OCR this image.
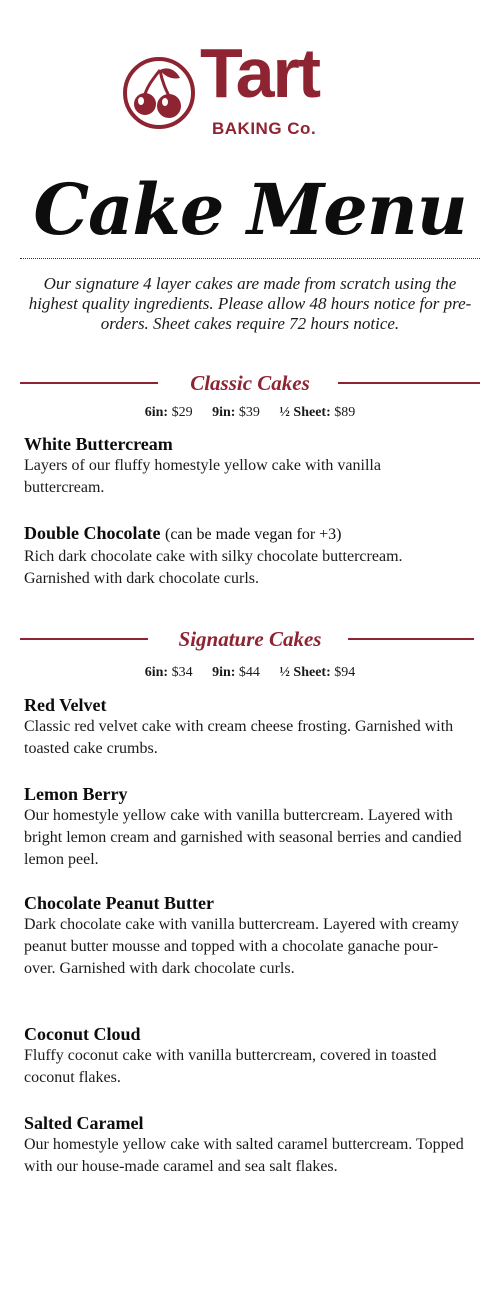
Tart
BAKING Co.
Cake Menu
Our signature 4 layer cakes are made from scratch using the highest quality ingredients. Please allow 48 hours notice for pre-orders. Sheet cakes require 72 hours notice.
Classic Cakes
6in: $29 9in: $39 ½ Sheet: $89
White Buttercream
Layers of our fluffy homestyle yellow cake with vanilla buttercream.
Double Chocolate (can be made vegan for +3)
Rich dark chocolate cake with silky chocolate buttercream. Garnished with dark chocolate curls.
Signature Cakes
6in: $34 9in: $44 ½ Sheet: $94
Red Velvet
Classic red velvet cake with cream cheese frosting. Garnished with toasted cake crumbs.
Lemon Berry
Our homestyle yellow cake with vanilla buttercream. Layered with bright lemon cream and garnished with seasonal berries and candied lemon peel.
Chocolate Peanut Butter
Dark chocolate cake with vanilla buttercream. Layered with creamy peanut butter mousse and topped with a chocolate ganache pour-over. Garnished with dark chocolate curls.
Coconut Cloud
Fluffy coconut cake with vanilla buttercream, covered in toasted coconut flakes.
Salted Caramel
Our homestyle yellow cake with salted caramel buttercream. Topped with our house-made caramel and sea salt flakes.
